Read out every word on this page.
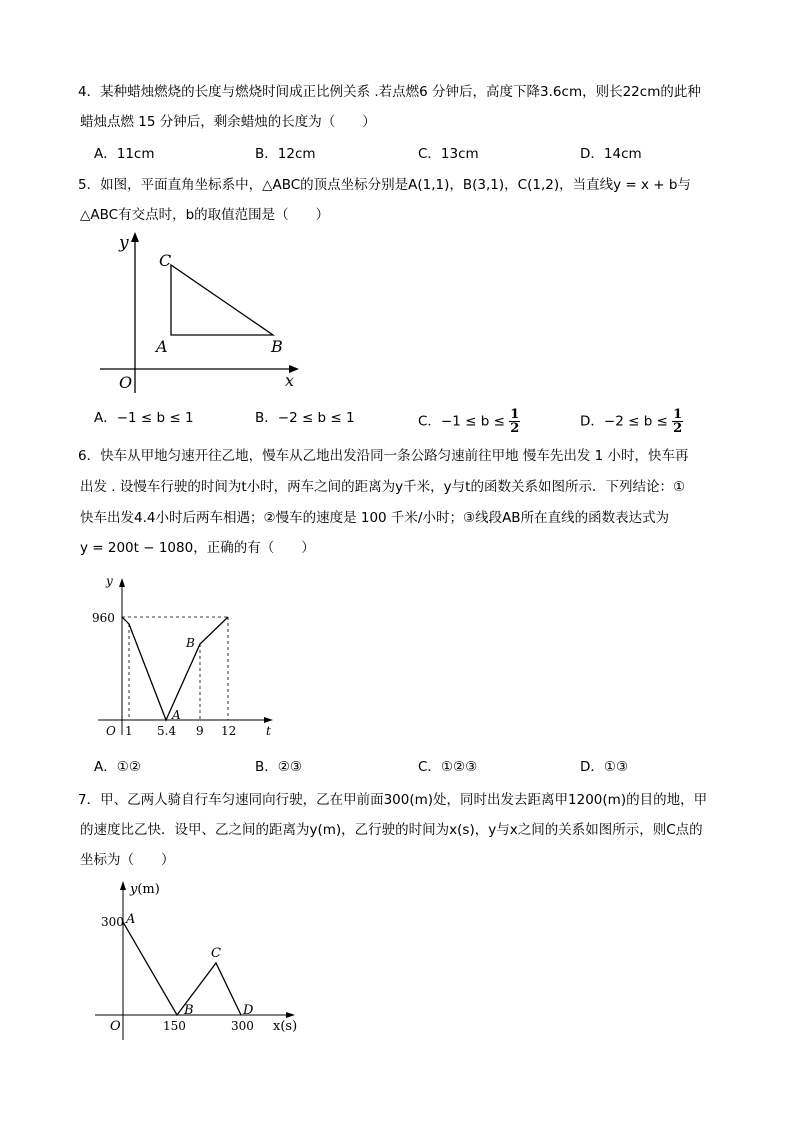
4．某种蜡烛燃烧的长度与燃烧时间成正比例关系 .若点燃6 分钟后，高度下降3.6cm，则长22cm的此种
蜡烛点燃 15 分钟后，剩余蜡烛的长度为（　　）
A．11cm	B．12cm	C．13cm	D．14cm
5．如图，平面直角坐标系中，△ABC的顶点坐标分别是A(1,1)，B(3,1)，C(1,2)，当直线y = x + b与
△ABC有交点时，b的取值范围是（　　）
y
C
A	B
O	x
A．−1 ≤ b ≤ 1	B．−2 ≤ b ≤ 1	C．$-1 \le b \le \frac{1}{2}$	D．$-2 \le b \le \frac{1}{2}$
6．快车从甲地匀速开往乙地，慢车从乙地出发沿同一条公路匀速前往甲地 慢车先出发 1 小时，快车再
出发 . 设慢车行驶的时间为t小时，两车之间的距离为y千米，y与t的函数关系如图所示．下列结论：①
快车出发4.4小时后两车相遇；②慢车的速度是 100 千米/小时；③线段AB所在直线的函数表达式为
y = 200t − 1080，正确的有（　　）
y
960
B
A
O 1 5.4 9 12 t
A．①②	B．②③	C．①②③	D．①③
7．甲、乙两人骑自行车匀速同向行驶，乙在甲前面300(m)处，同时出发去距离甲1200(m)的目的地，甲
的速度比乙快．设甲、乙之间的距离为y(m)，乙行驶的时间为x(s)，y与x之间的关系如图所示，则C点的
坐标为（　　）
y(m)
300 A
C
B	D
O	150	300 x(s)
